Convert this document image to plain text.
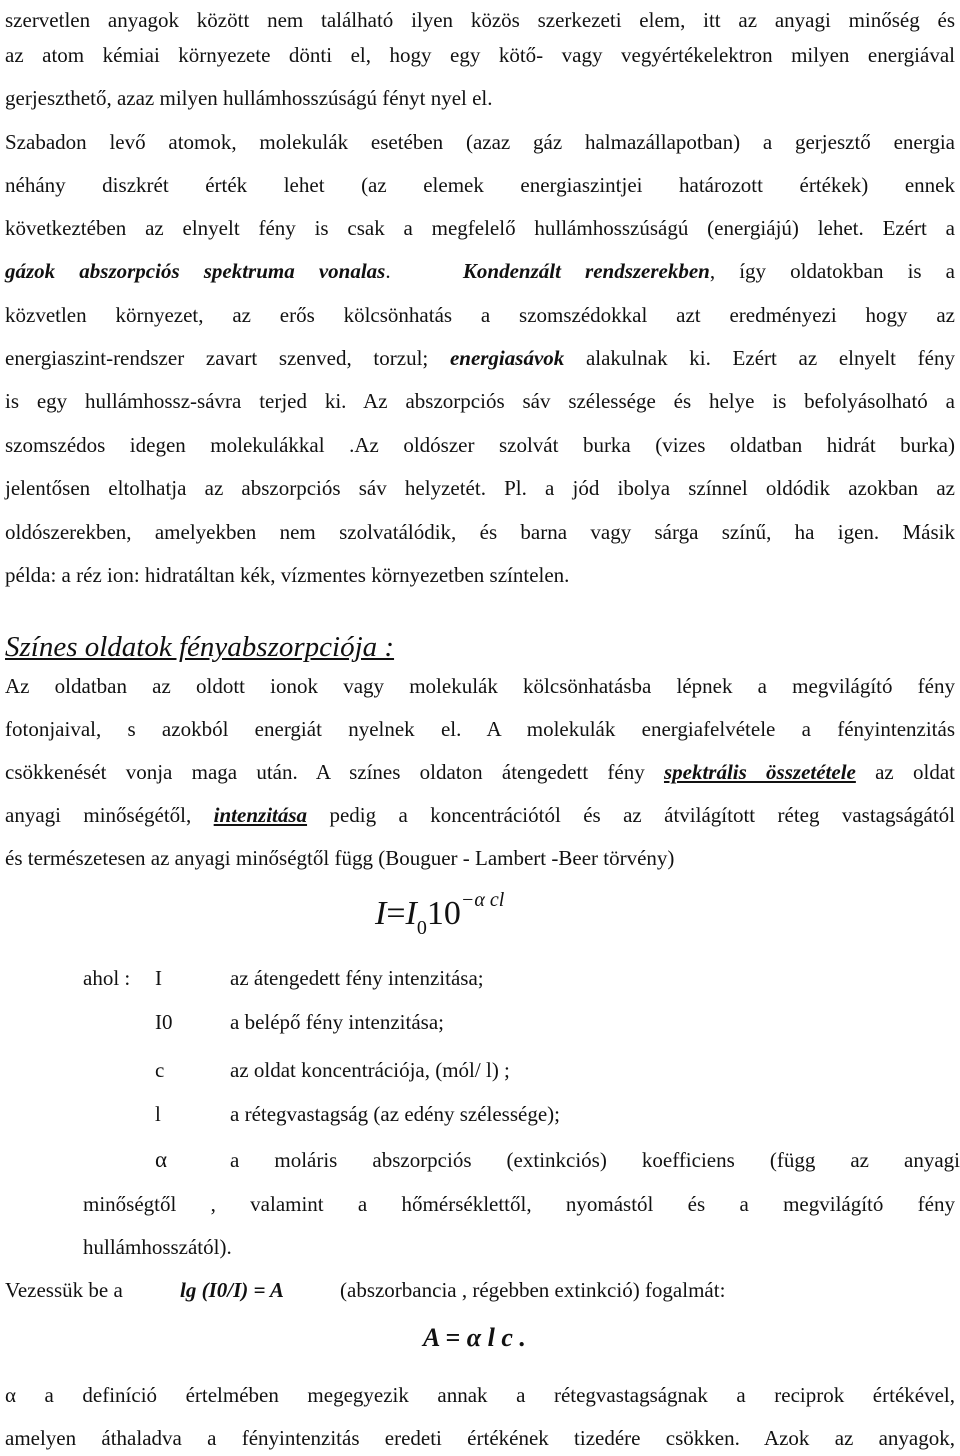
szervetlen anyagok között nem található ilyen közös szerkezeti elem, itt az anyagi minőség és
az atom kémiai környezete dönti el, hogy egy kötő- vagy vegyértékelektron milyen energiával
gerjeszthető, azaz milyen hullámhosszúságú fényt nyel el.
Szabadon levő atomok, molekulák esetében (azaz gáz halmazállapotban) a gerjesztő energia
néhány diszkrét érték lehet (az elemek energiaszintjei határozott értékek) ennek
következtében az elnyelt fény is csak a megfelelő hullámhosszúságú (energiájú) lehet. Ezért a
gázok abszorpciós spektruma vonalas.	Kondenzált rendszerekben, így oldatokban is a
közvetlen környezet, az erős kölcsönhatás a szomszédokkal azt eredményezi hogy az
energiaszint-rendszer zavart szenved, torzul; energiasávok alakulnak ki. Ezért az elnyelt fény
is egy hullámhossz-sávra terjed ki. Az abszorpciós sáv szélessége és helye is befolyásolható a
szomszédos idegen molekulákkal .Az oldószer szolvát burka (vizes oldatban hidrát burka)
jelentősen eltolhatja az abszorpciós sáv helyzetét. Pl. a jód ibolya színnel oldódik azokban az
oldószerekben, amelyekben nem szolvatálódik, és barna vagy sárga színű, ha igen. Másik
példa: a réz ion: hidratáltan kék, vízmentes környezetben színtelen.
Színes oldatok fényabszorpciója :
Az oldatban az oldott ionok vagy molekulák kölcsönhatásba lépnek a megvilágító fény
fotonjaival, s azokból energiát nyelnek el. A molekulák energiafelvétele a fényintenzitás
csökkenését vonja maga után. A színes oldaton átengedett fény spektrális összetétele az oldat
anyagi minőségétől, intenzitása pedig a koncentrációtól és az átvilágított réteg vastagságától
és természetesen az anyagi minőségtől függ (Bouguer - Lambert -Beer törvény)
$I=I_010^{-\alpha cl}$
ahol : I	az átengedett fény intenzitása;
I0	a belépő fény intenzitása;
c	az oldat koncentrációja, (mól/ l) ;
l	a rétegvastagság (az edény szélessége);
α	a moláris abszorpciós (extinkciós) koefficiens (függ az anyagi
minőségtől , valamint a hőmérséklettől, nyomástól és a megvilágító fény
hullámhosszától).
Vezessük be a	lg (I0/I) = A	(abszorbancia , régebben extinkció) fogalmát:
A = α l c .
α a definíció értelmében megegyezik annak a rétegvastagságnak a reciprok értékével,
amelyen áthaladva a fényintenzitás eredeti értékének tizedére csökken. Azok az anyagok,
